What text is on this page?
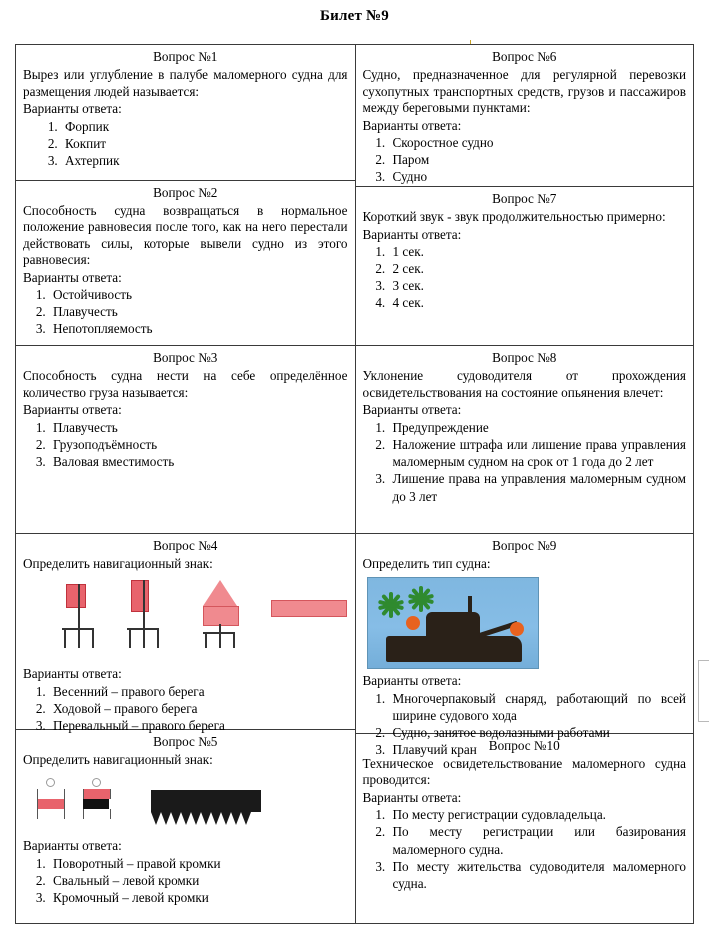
Билет №9
Вопрос №1

Вырез или углубление в палубе маломерного судна для размещения людей называется:

Варианты ответа:

1. Форпик
2. Кокпит
3. Ахтерпик
Вопрос №2

Способность судна возвращаться в нормальное положение равновесия после того, как на него перестали действовать силы, которые вывели судно из этого равновесия:

Варианты ответа:

1. Остойчивость
2. Плавучесть
3. Непотопляемость
Вопрос №3

Способность судна нести на себе определённое количество груза называется:

Варианты ответа:

1. Плавучесть
2. Грузоподъёмность
3. Валовая вместимость
Вопрос №4

Определить навигационный знак:

Варианты ответа:

1. Весенний – правого берега
2. Ходовой – правого берега
3. Перевальный – правого берега
Вопрос №5

Определить навигационный знак:

Варианты ответа:

1. Поворотный – правой кромки
2. Свальный – левой кромки
3. Кромочный – левой кромки
Вопрос №6

Судно, предназначенное для регулярной перевозки сухопутных транспортных средств, грузов и пассажиров между береговыми пунктами:

Варианты ответа:

1. Скоростное судно
2. Паром
3. Судно
Вопрос №7

Короткий звук - звук продолжительностью примерно:

Варианты ответа:

1. 1 сек.
2. 2 сек.
3. 3 сек.
4. 4 сек.
Вопрос №8

Уклонение судоводителя от прохождения освидетельствования на состояние опьянения влечет:

Варианты ответа:

1. Предупреждение
2. Наложение штрафа или лишение права управления маломерным судном на срок от 1 года до 2 лет
3. Лишение права на управления маломерным судном до 3 лет
Вопрос №9

Определить тип судна:

Варианты ответа:

1. Многочерпаковый снаряд, работающий по всей ширине судового хода
2. Судно, занятое водолазными работами
3. Плавучий кран Вопрос №10

Техническое освидетельствование маломерного судна проводится:

Варианты ответа:

1. По месту регистрации судовладельца.
2. По месту регистрации или базирования маломерного судна.
3. По месту жительства судоводителя маломерного судна.
